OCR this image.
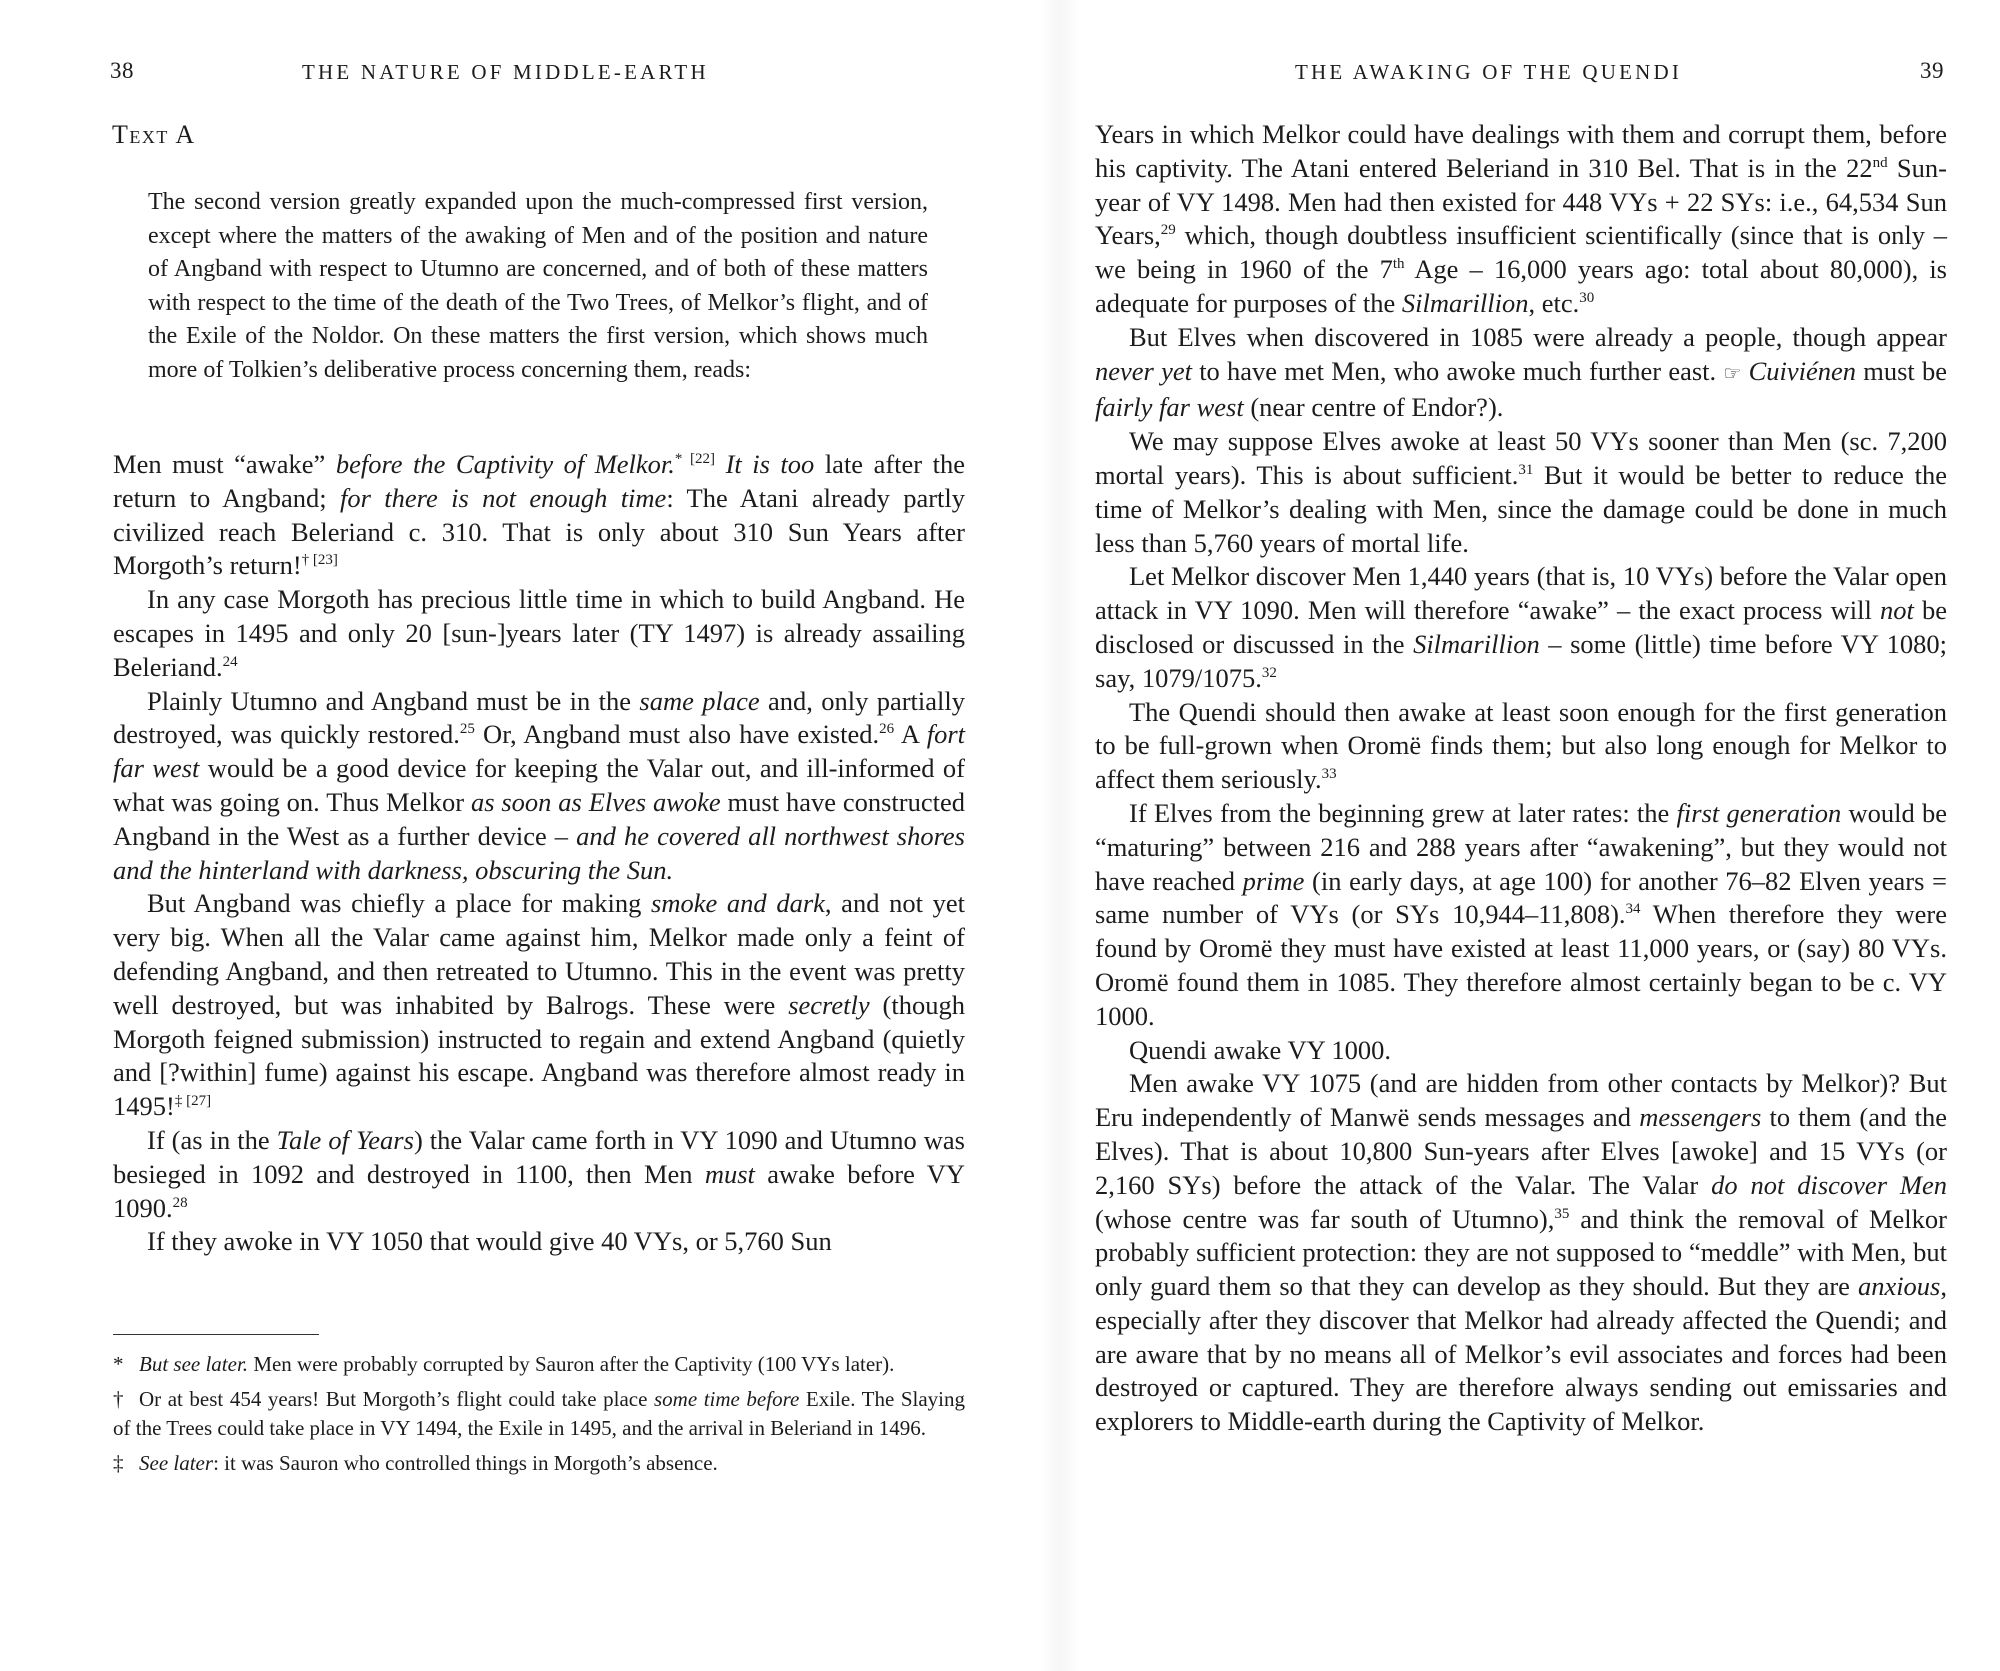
38	THE NATURE OF MIDDLE-EARTH
Text A

The second version greatly expanded upon the much-compressed first version, except where the matters of the awaking of Men and of the position and nature of Angband with respect to Utumno are concerned, and of both of these matters with respect to the time of the death of the Two Trees, of Melkor’s flight, and of the Exile of the Noldor. On these matters the first version, which shows much more of Tolkien’s deliberative process concerning them, reads:

Men must “awake” before the Captivity of Melkor.$^{* [22]}$ It is too late after the return to Angband; for there is not enough time: The Atani already partly civilized reach Beleriand c. 310. That is only about 310 Sun Years after Morgoth’s return!$^{\dagger [23]}$

In any case Morgoth has precious little time in which to build Angband. He escapes in 1495 and only 20 [sun-]years later (TY 1497) is already assailing Beleriand.$^{24}$

Plainly Utumno and Angband must be in the same place and, only partially destroyed, was quickly restored.$^{25}$ Or, Angband must also have existed.$^{26}$ A fort far west would be a good device for keeping the Valar out, and ill-informed of what was going on. Thus Melkor as soon as Elves awoke must have constructed Angband in the West as a further device – and he covered all northwest shores and the hinterland with darkness, obscuring the Sun.

But Angband was chiefly a place for making smoke and dark, and not yet very big. When all the Valar came against him, Melkor made only a feint of defending Angband, and then retreated to Utumno. This in the event was pretty well destroyed, but was inhabited by Balrogs. These were secretly (though Morgoth feigned submission) instructed to regain and extend Angband (quietly and [?within] fume) against his escape. Angband was therefore almost ready in 1495!$^{\ddagger [27]}$

If (as in the Tale of Years) the Valar came forth in VY 1090 and Utumno was besieged in 1092 and destroyed in 1100, then Men must awake before VY 1090.28

If they awoke in VY 1050 that would give 40 VYs, or 5,760 Sun

* But see later. Men were probably corrupted by Sauron after the Captivity (100 VYs later).

† Or at best 454 years! But Morgoth’s flight could take place some time before Exile. The Slaying of the Trees could take place in VY 1494, the Exile in 1495, and the arrival in Beleriand in 1496.

‡ See later: it was Sauron who controlled things in Morgoth’s absence.

THE AWAKING OF THE QUENDI	39

Years in which Melkor could have dealings with them and corrupt them, before his captivity. The Atani entered Beleriand in 310 Bel. That is in the 22nd Sun-year of VY 1498. Men had then existed for 448 VYs + 22 SYs: i.e., 64,534 Sun Years,$^{29}$ which, though doubtless insufficient scientifically (since that is only – we being in 1960 of the 7th Age – 16,000 years ago: total about 80,000), is adequate for purposes of the Silmarillion, etc.$^{30}$

But Elves when discovered in 1085 were already a people, though appear never yet to have met Men, who awoke much further east. ☞ Cuiviénen must be fairly far west (near centre of Endor?).

We may suppose Elves awoke at least 50 VYs sooner than Men (sc. 7,200 mortal years). This is about sufficient.$^{31}$ But it would be better to reduce the time of Melkor’s dealing with Men, since the damage could be done in much less than 5,760 years of mortal life.

Let Melkor discover Men 1,440 years (that is, 10 VYs) before the Valar open attack in VY 1090. Men will therefore “awake” – the exact process will not be disclosed or discussed in the Silmarillion – some (little) time before VY 1080; say, 1079/1075.32

The Quendi should then awake at least soon enough for the first generation to be full-grown when Oromë finds them; but also long enough for Melkor to affect them seriously.$^{33}$

If Elves from the beginning grew at later rates: the first generation would be “maturing” between 216 and 288 years after “awakening”, but they would not have reached prime (in early days, at age 100) for another 76–82 Elven years = same number of VYs (or SYs 10,944–11,808).$^{34}$ When therefore they were found by Oromë they must have existed at least 11,000 years, or (say) 80 VYs. Oromë found them in 1085. They therefore almost certainly began to be c. VY 1000.

Quendi awake VY 1000.

Men awake VY 1075 (and are hidden from other contacts by Melkor)? But Eru independently of Manwë sends messages and messengers to them (and the Elves). That is about 10,800 Sun-years after Elves [awoke] and 15 VYs (or 2,160 SYs) before the attack of the Valar. The Valar do not discover Men (whose centre was far south of Utumno),$^{35}$ and think the removal of Melkor probably sufficient protection: they are not supposed to “meddle” with Men, but only guard them so that they can develop as they should. But they are anxious, especially after they discover that Melkor had already affected the Quendi; and are aware that by no means all of Melkor’s evil associates and forces had been destroyed or captured. They are therefore always sending out emissaries and explorers to Middle-earth during the Captivity of Melkor.
